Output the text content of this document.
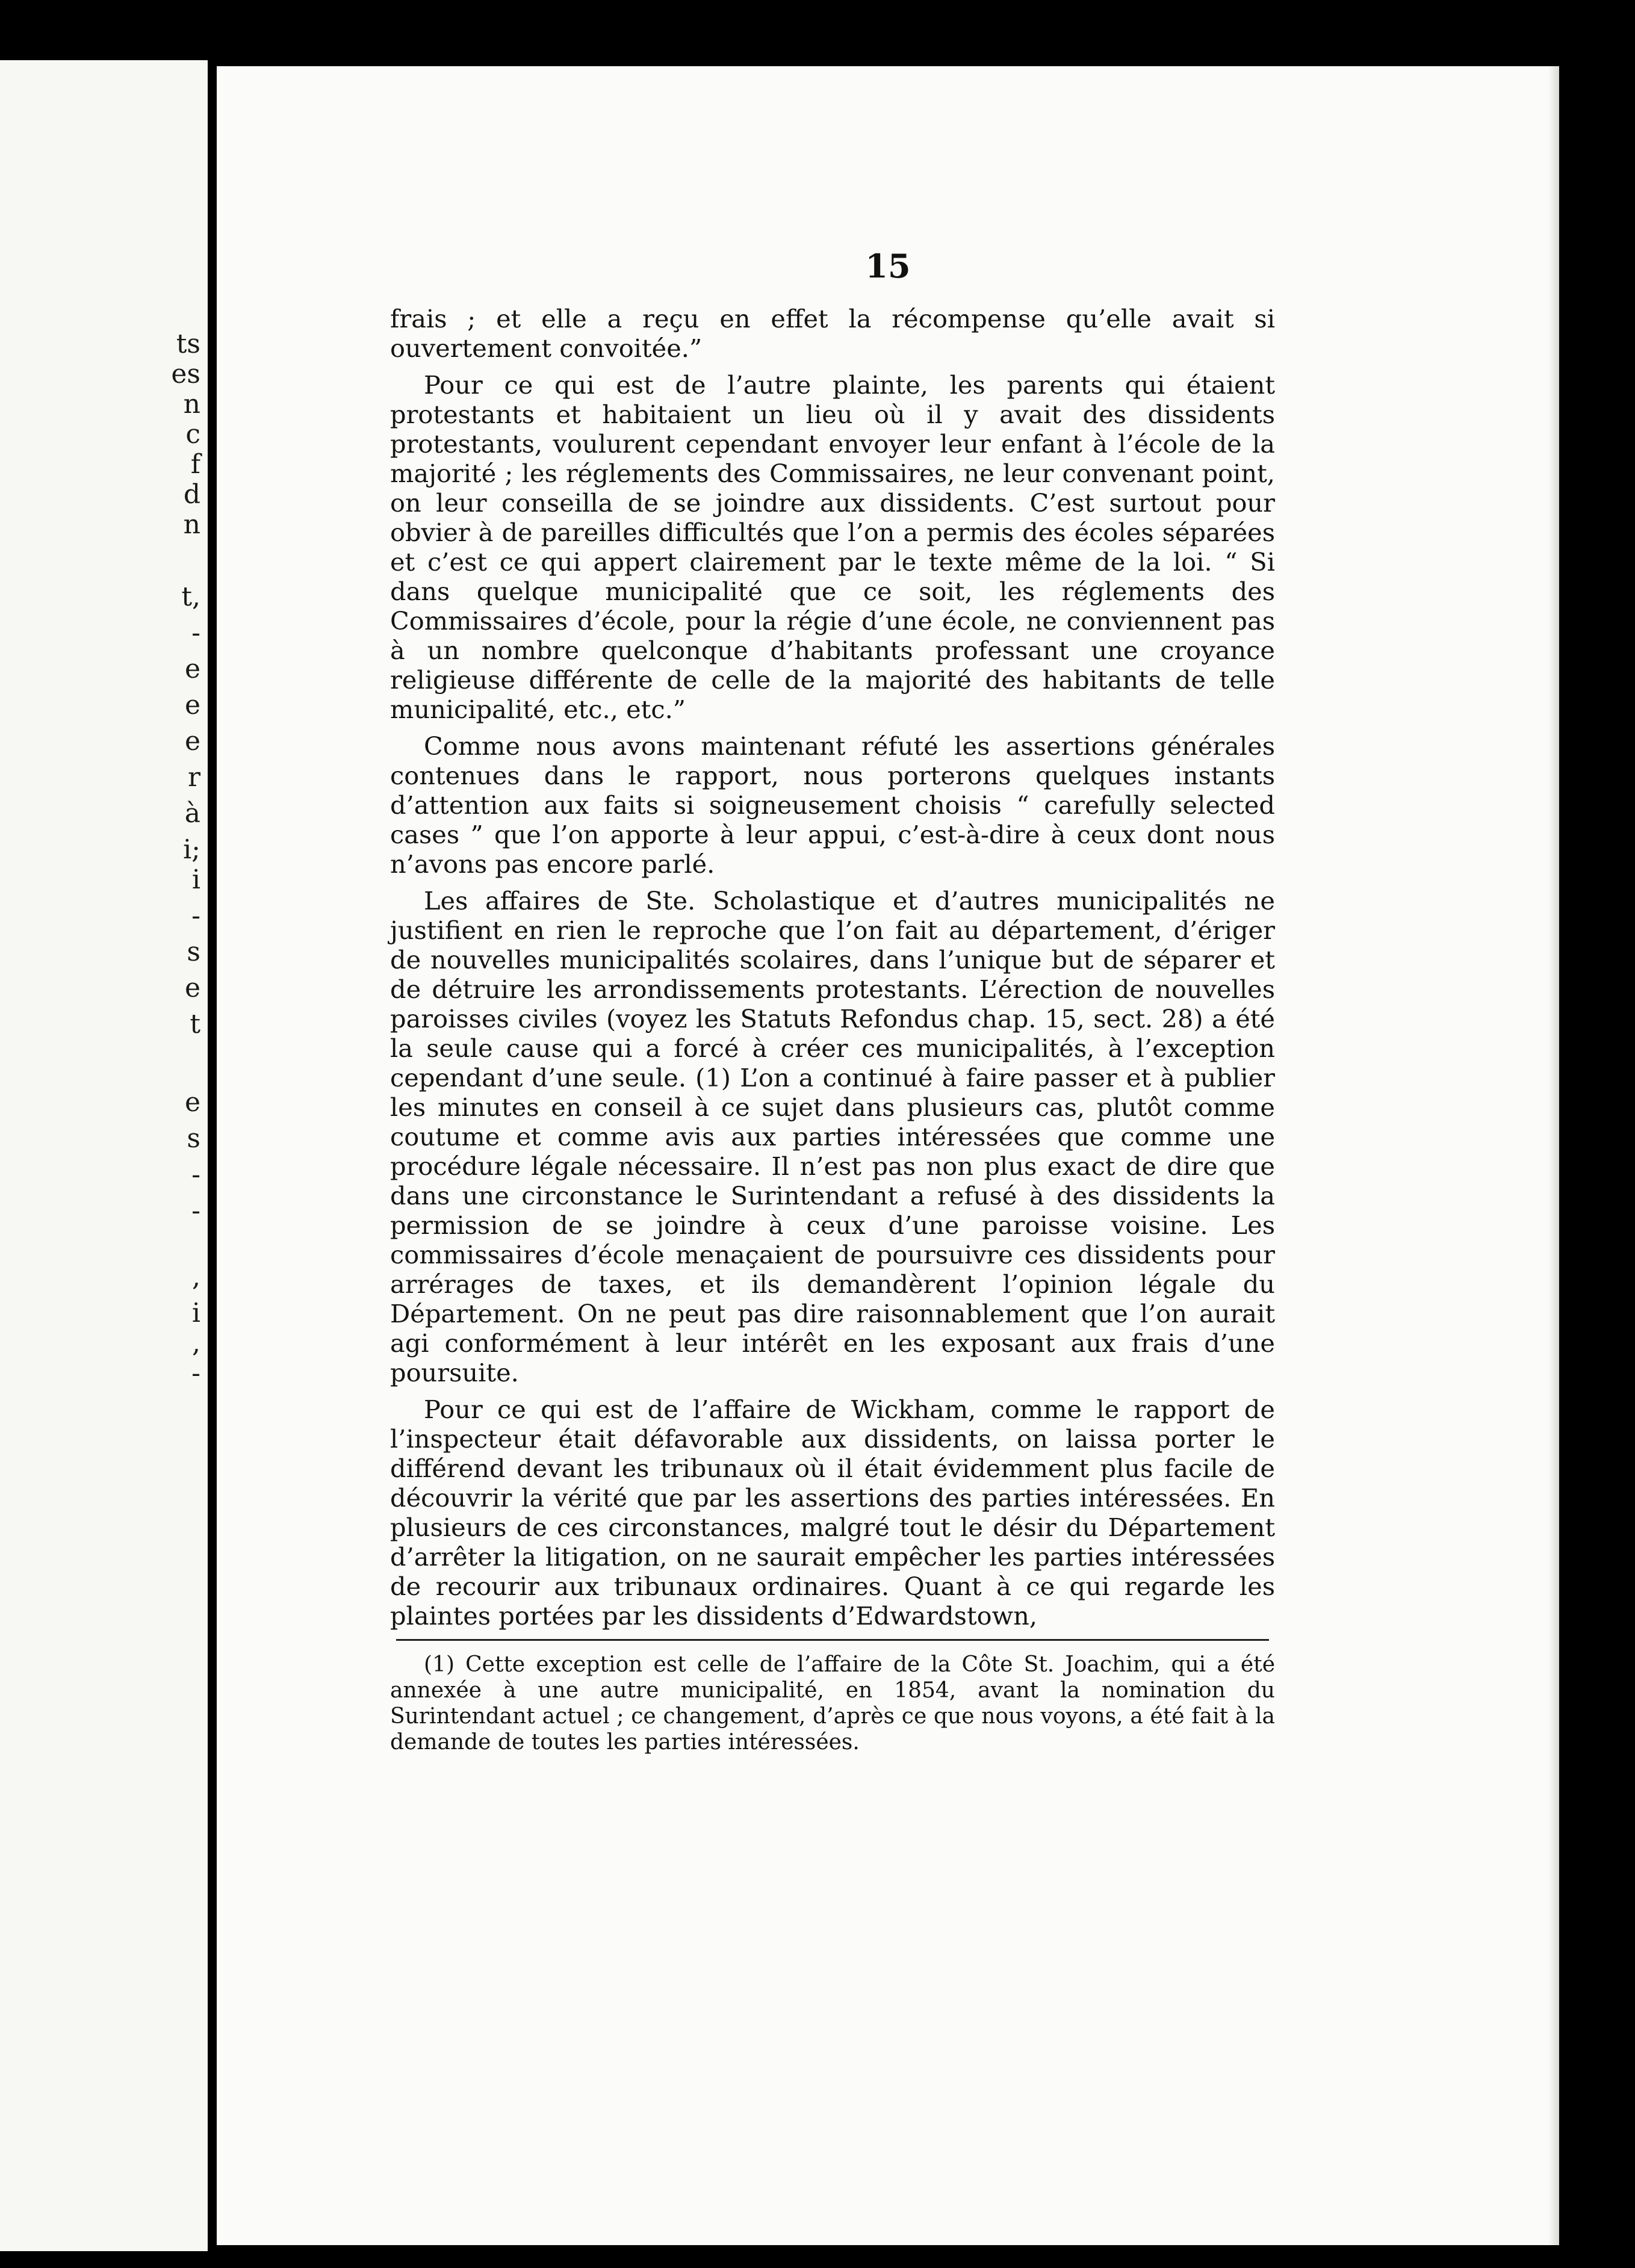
ts
es
n
c
f
d
n
t,
-
e
e
e
r
à
i;
i
-
s
e
t
e
s
-
-
,
i
,
-
15

frais ; et elle a reçu en effet la récompense qu’elle avait si ouvertement convoitée.”

Pour ce qui est de l’autre plainte, les parents qui étaient protestants et habitaient un lieu où il y avait des dissidents protestants, voulurent cependant envoyer leur enfant à l’école de la majorité ; les réglements des Commissaires, ne leur convenant point, on leur conseilla de se joindre aux dissidents. C’est surtout pour obvier à de pareilles difficultés que l’on a permis des écoles séparées et c’est ce qui appert clairement par le texte même de la loi. “ Si dans quelque municipalité que ce soit, les réglements des Commissaires d’école, pour la régie d’une école, ne conviennent pas à un nombre quelconque d’habitants professant une croyance religieuse différente de celle de la majorité des habitants de telle municipalité, etc., etc.”

Comme nous avons maintenant réfuté les assertions générales contenues dans le rapport, nous porterons quelques instants d’attention aux faits si soigneusement choisis “ carefully selected cases ” que l’on apporte à leur appui, c’est-à-dire à ceux dont nous n’avons pas encore parlé.

Les affaires de Ste. Scholastique et d’autres municipalités ne justifient en rien le reproche que l’on fait au département, d’ériger de nouvelles municipalités scolaires, dans l’unique but de séparer et de détruire les arrondissements protestants. L’érection de nouvelles paroisses civiles (voyez les Statuts Refondus chap. 15, sect. 28) a été la seule cause qui a forcé à créer ces municipalités, à l’exception cependant d’une seule. (1) L’on a continué à faire passer et à publier les minutes en conseil à ce sujet dans plusieurs cas, plutôt comme coutume et comme avis aux parties intéressées que comme une procédure légale nécessaire. Il n’est pas non plus exact de dire que dans une circonstance le Surintendant a refusé à des dissidents la permission de se joindre à ceux d’une paroisse voisine. Les commissaires d’école menaçaient de poursuivre ces dissidents pour arrérages de taxes, et ils demandèrent l’opinion légale du Département. On ne peut pas dire raisonnablement que l’on aurait agi conformément à leur intérêt en les exposant aux frais d’une poursuite.

Pour ce qui est de l’affaire de Wickham, comme le rapport de l’inspecteur était défavorable aux dissidents, on laissa porter le différend devant les tribunaux où il était évidemment plus facile de découvrir la vérité que par les assertions des parties intéressées. En plusieurs de ces circonstances, malgré tout le désir du Département d’arrêter la litigation, on ne saurait empêcher les parties intéressées de recourir aux tribunaux ordinaires. Quant à ce qui regarde les plaintes portées par les dissidents d’Edwardstown,

(1) Cette exception est celle de l’affaire de la Côte St. Joachim, qui a été annexée à une autre municipalité, en 1854, avant la nomination du Surintendant actuel ; ce changement, d’après ce que nous voyons, a été fait à la demande de toutes les parties intéressées.
